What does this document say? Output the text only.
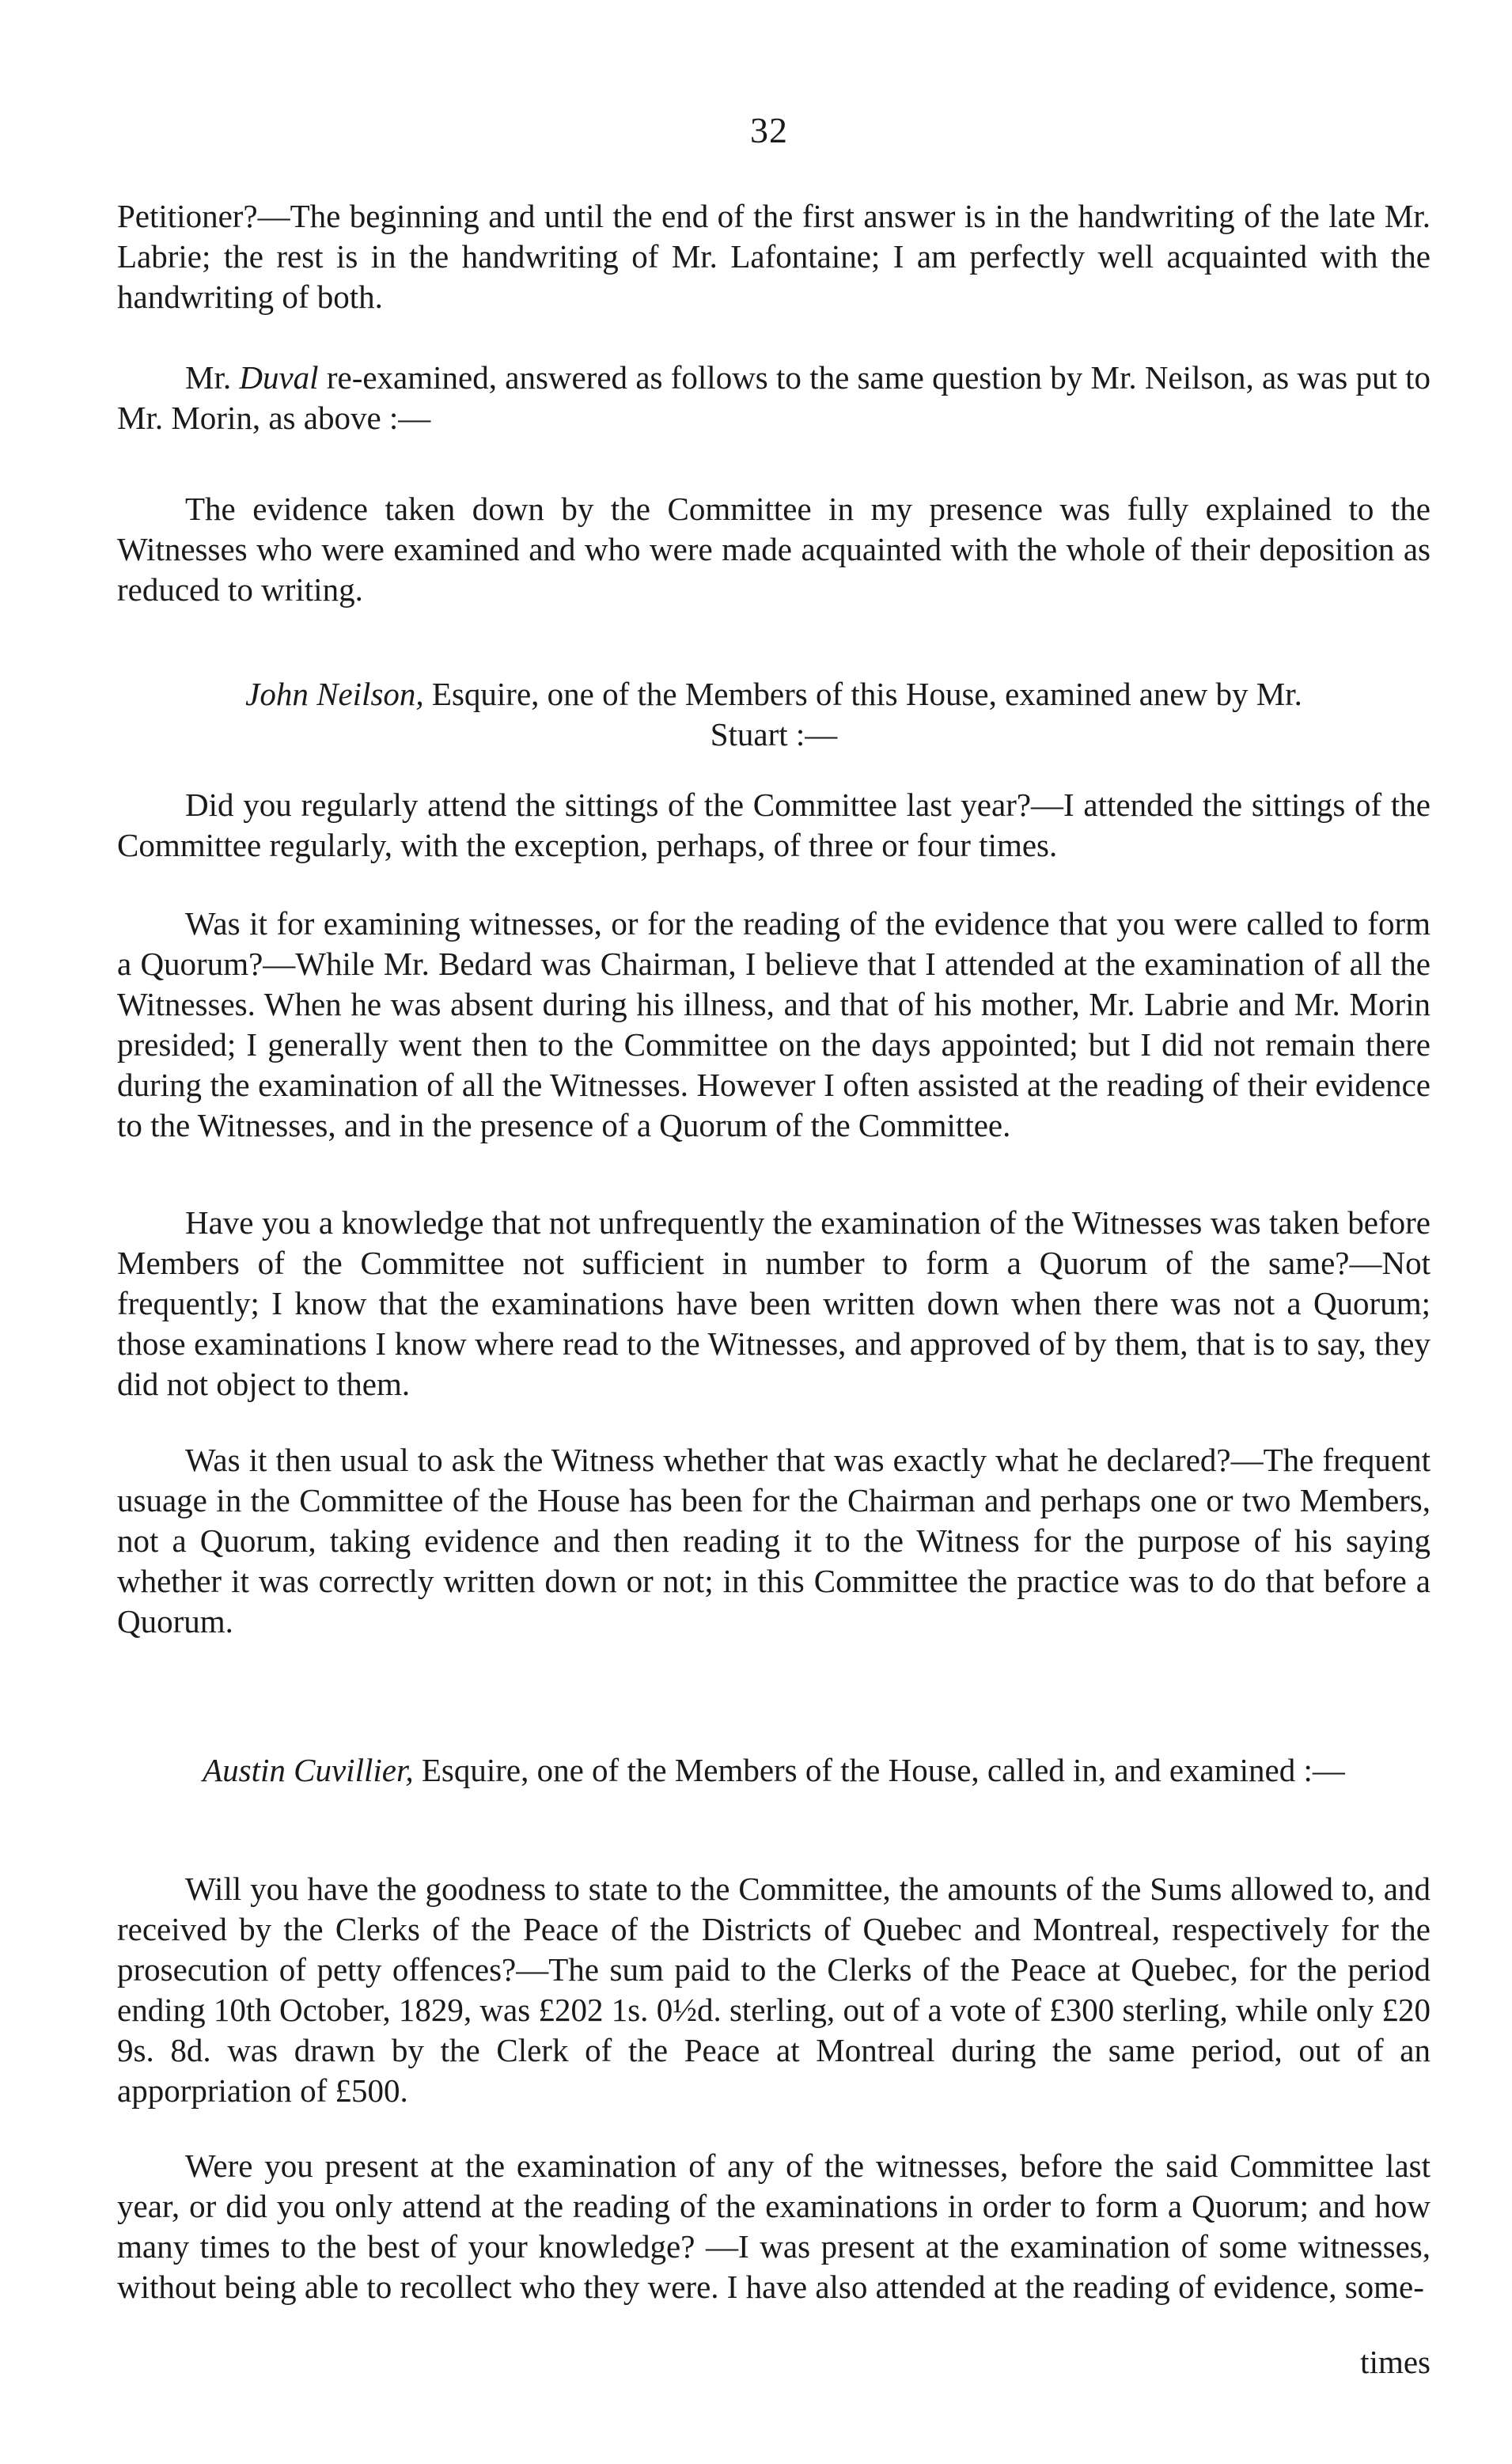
32

Petitioner?—The beginning and until the end of the first answer is in the handwriting of the late Mr. Labrie; the rest is in the handwriting of Mr. Lafontaine; I am perfectly well acquainted with the handwriting of both.

Mr. Duval re-examined, answered as follows to the same question by Mr. Neilson, as was put to Mr. Morin, as above :—

The evidence taken down by the Committee in my presence was fully explained to the Witnesses who were examined and who were made acquainted with the whole of their deposition as reduced to writing.

John Neilson, Esquire, one of the Members of this House, examined anew by Mr. Stuart :—

Did you regularly attend the sittings of the Committee last year?—I attended the sittings of the Committee regularly, with the exception, perhaps, of three or four times.

Was it for examining witnesses, or for the reading of the evidence that you were called to form a Quorum?—While Mr. Bedard was Chairman, I believe that I attended at the examination of all the Witnesses. When he was absent during his illness, and that of his mother, Mr. Labrie and Mr. Morin presided; I generally went then to the Committee on the days appointed; but I did not remain there during the examination of all the Witnesses. However I often assisted at the reading of their evidence to the Witnesses, and in the presence of a Quorum of the Committee.

Have you a knowledge that not unfrequently the examination of the Witnesses was taken before Members of the Committee not sufficient in number to form a Quorum of the same?—Not frequently; I know that the examinations have been written down when there was not a Quorum; those examinations I know where read to the Witnesses, and approved of by them, that is to say, they did not object to them.

Was it then usual to ask the Witness whether that was exactly what he declared?—The frequent usuage in the Committee of the House has been for the Chairman and perhaps one or two Members, not a Quorum, taking evidence and then reading it to the Witness for the purpose of his saying whether it was correctly written down or not; in this Committee the practice was to do that before a Quorum.

Austin Cuvillier, Esquire, one of the Members of the House, called in, and examined :—

Will you have the goodness to state to the Committee, the amounts of the Sums allowed to, and received by the Clerks of the Peace of the Districts of Quebec and Montreal, respectively for the prosecution of petty offences?—The sum paid to the Clerks of the Peace at Quebec, for the period ending 10th October, 1829, was £202 1s. 0½d. sterling, out of a vote of £300 sterling, while only £20 9s. 8d. was drawn by the Clerk of the Peace at Montreal during the same period, out of an apporpriation of £500.

Were you present at the examination of any of the witnesses, before the said Committee last year, or did you only attend at the reading of the examinations in order to form a Quorum; and how many times to the best of your knowledge? —I was present at the examination of some witnesses, without being able to recollect who they were. I have also attended at the reading of evidence, some-

times
